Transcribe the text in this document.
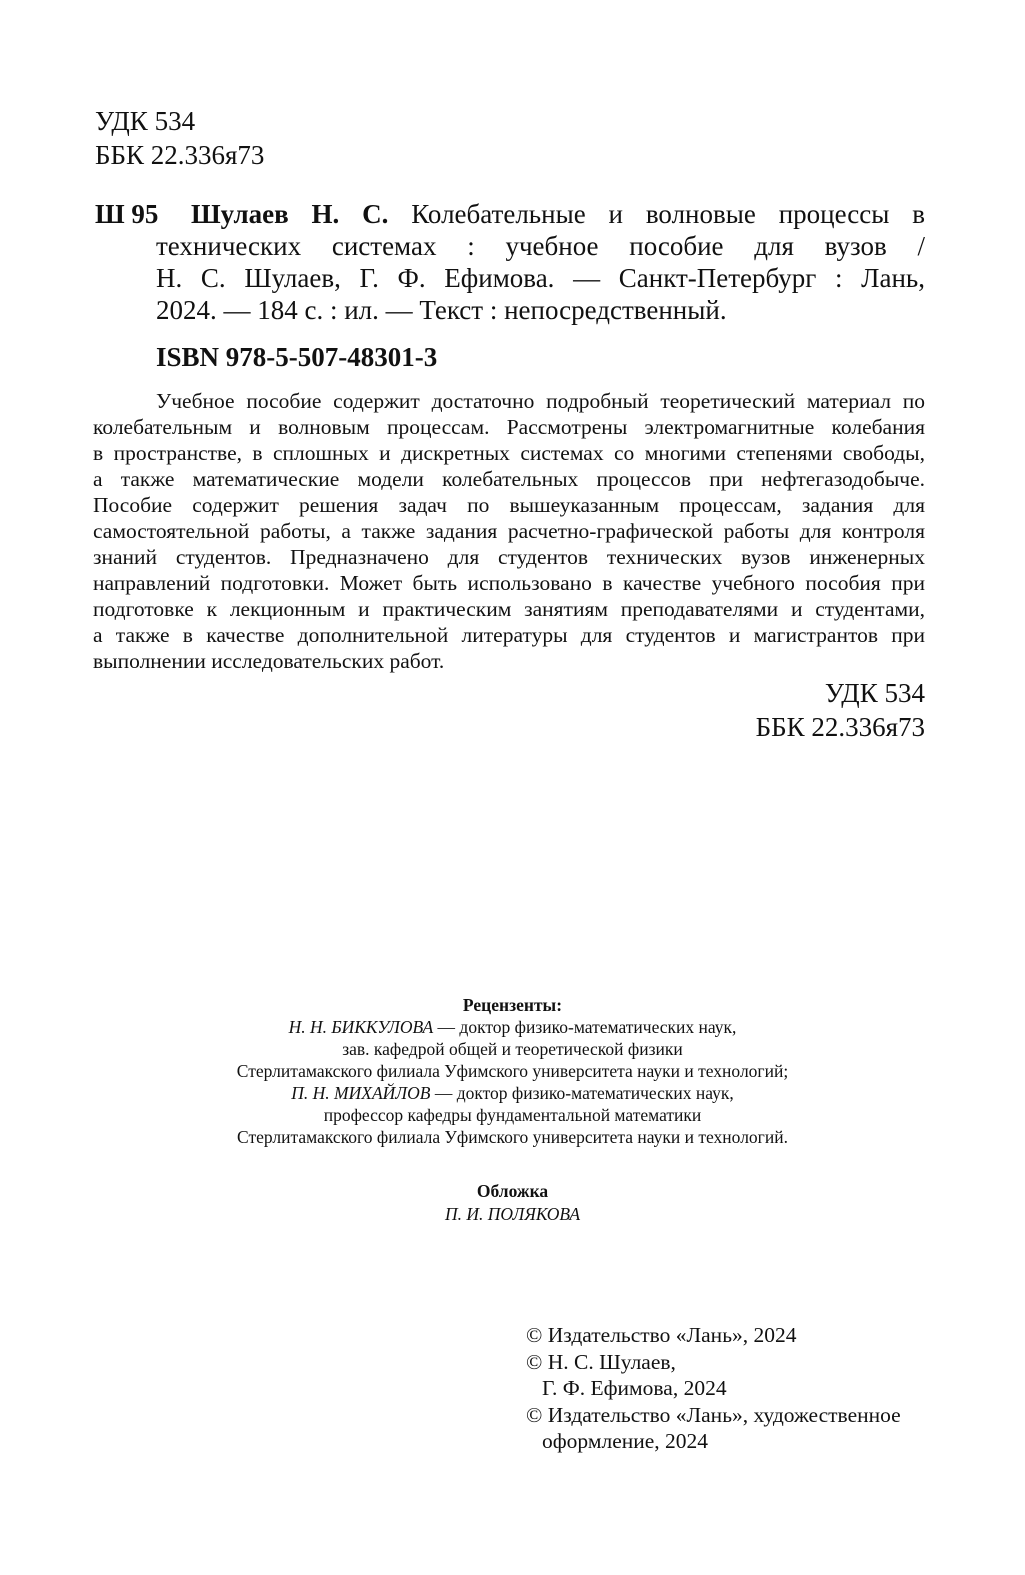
УДК 534
ББК 22.336я73
Ш 95	Шулаев Н. С. Колебательные и волновые процессы в
технических системах : учебное пособие для вузов /
Н. С. Шулаев, Г. Ф. Ефимова. — Санкт-Петербург : Лань,
2024. — 184 с. : ил. — Текст : непосредственный.
ISBN 978-5-507-48301-3
Учебное пособие содержит достаточно подробный теоретический материал по
колебательным и волновым процессам. Рассмотрены электромагнитные колебания
в пространстве, в сплошных и дискретных системах со многими степенями свободы,
а также математические модели колебательных процессов при нефтегазодобыче.
Пособие содержит решения задач по вышеуказанным процессам, задания для
самостоятельной работы, а также задания расчетно-графической работы для контроля
знаний студентов. Предназначено для студентов технических вузов инженерных
направлений подготовки. Может быть использовано в качестве учебного пособия при
подготовке к лекционным и практическим занятиям преподавателями и студентами,
а также в качестве дополнительной литературы для студентов и магистрантов при
выполнении исследовательских работ.
УДК 534
ББК 22.336я73
Рецензенты:
Н. Н. БИККУЛОВА — доктор физико-математических наук,
зав. кафедрой общей и теоретической физики
Стерлитамакского филиала Уфимского университета науки и технологий;
П. Н. МИХАЙЛОВ — доктор физико-математических наук,
профессор кафедры фундаментальной математики
Стерлитамакского филиала Уфимского университета науки и технологий.
Обложка
П. И. ПОЛЯКОВА
© Издательство «Лань», 2024
© Н. С. Шулаев,
Г. Ф. Ефимова, 2024
© Издательство «Лань», художественное
оформление, 2024
